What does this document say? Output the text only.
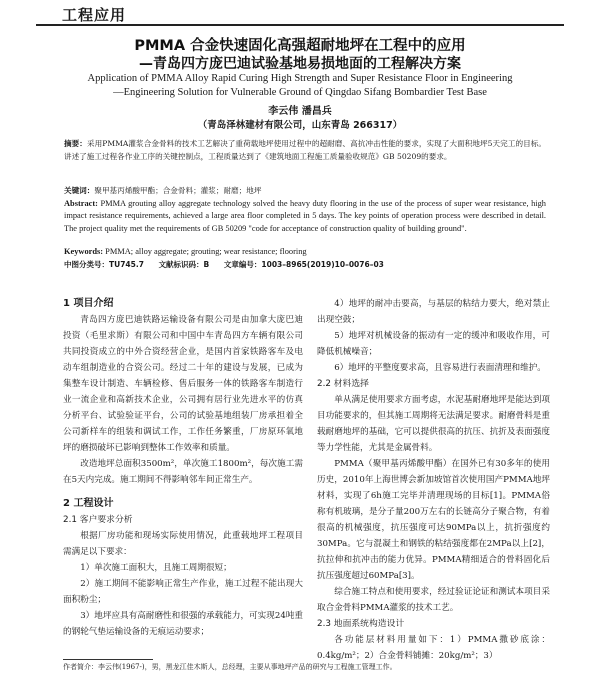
工程应用
PMMA 合金快速固化高强超耐地坪在工程中的应用
—青岛四方庞巴迪试验基地易损地面的工程解决方案
Application of PMMA Alloy Rapid Curing High Strength and Super Resistance Floor in Engineering
—Engineering Solution for Vulnerable Ground of Qingdao Sifang Bombardier Test Base
李云伟 潘昌兵
（青岛泽林建材有限公司，山东青岛 266317）
摘要：采用PMMA灌浆合金骨料的技术工艺解决了重荷载地坪使用过程中的超耐磨、高抗冲击性能的要求，实现了大面积地坪5天完工的目标。讲述了施工过程各作业工序的关键控制点，工程质量达到了《建筑地面工程施工质量验收规范》GB 50209的要求。
关键词：聚甲基丙烯酸甲酯；合金骨料；灌浆；耐磨；地坪
Abstract: PMMA grouting alloy aggregate technology solved the heavy duty flooring in the use of the process of super wear resistance, high impact resistance requirements, achieved a large area floor completed in 5 days. The key points of operation process were described in detail. The project quality met the requirements of GB 50209 "code for acceptance of construction quality of building ground".
Keywords: PMMA; alloy aggregate; grouting; wear resistance; flooring
中图分类号：TU745.7 文献标识码：B 文章编号：1003–8965(2019)10–0076–03

1 项目介绍

青岛四方庞巴迪铁路运输设备有限公司是由加拿大庞巴迪投资（毛里求斯）有限公司和中国中车青岛四方车辆有限公司共同投资成立的中外合资经营企业，是国内首家铁路客车及电动车组制造业的合资公司。经过二十年的建设与发展，已成为集整车设计制造、车辆检修、售后服务一体的铁路客车制造行业一流企业和高新技术企业，公司拥有居行业先进水平的仿真分析平台、试验验证平台，公司的试验基地组装厂房承担着全公司新样车的组装和调试工作，工作任务繁重，厂房原环氧地坪的磨损破坏已影响到整体工作效率和质量。

改造地坪总面积3500m²，单次施工1800m²，每次施工需在5天内完成。施工期间不得影响邻车间正常生产。

2 工程设计

2.1 客户要求分析

根据厂房功能和现场实际使用情况，此重载地坪工程项目需满足以下要求：

1）单次施工面积大，且施工周期很短；

2）施工期间不能影响正常生产作业，施工过程不能出现大面积粉尘；

3）地坪应具有高耐磨性和很强的承载能力，可实现24吨重的钢轮气垫运输设备的无痕运动要求；

4）地坪的耐冲击要高，与基层的粘结力要大，绝对禁止出现空鼓；

5）地坪对机械设备的振动有一定的缓冲和吸收作用，可降低机械噪音；

6）地坪的平整度要求高，且容易进行表面清理和维护。

2.2 材料选择

单从满足使用要求方面考虑，水泥基耐磨地坪是能达到项目功能要求的，但其施工周期将无法满足要求。耐磨骨料是重载耐磨地坪的基础，它可以提供很高的抗压、抗折及表面强度等力学性能，尤其是金属骨料。

PMMA（聚甲基丙烯酸甲酯）在国外已有30多年的使用历史，2010年上海世博会新加坡馆首次使用国产PMMA地坪材料，实现了6h施工完毕并清理现场的目标[1]。PMMA俗称有机玻璃，是分子量200万左右的长链高分子聚合物，有着很高的机械强度，抗压强度可达90MPa以上，抗折强度约30MPa。它与混凝土和钢铁的粘结强度都在2MPa以上[2]，抗拉伸和抗冲击的能力优异。PMMA精细适合的骨料固化后抗压强度超过60MPa[3]。

综合施工特点和使用要求，经过验证论证和测试本项目采取合金骨料PMMA灌浆的技术工艺。

2.3 地面系统构造设计

各功能层材料用量如下：1）PMMA撒砂底涂：0.4kg/m²；2）合金骨料铺摊：20kg/m²；3）

作者简介：李云伟(1967-)，男，黑龙江佳木斯人，总经理，主要从事地坪产品的研究与工程施工管理工作。
